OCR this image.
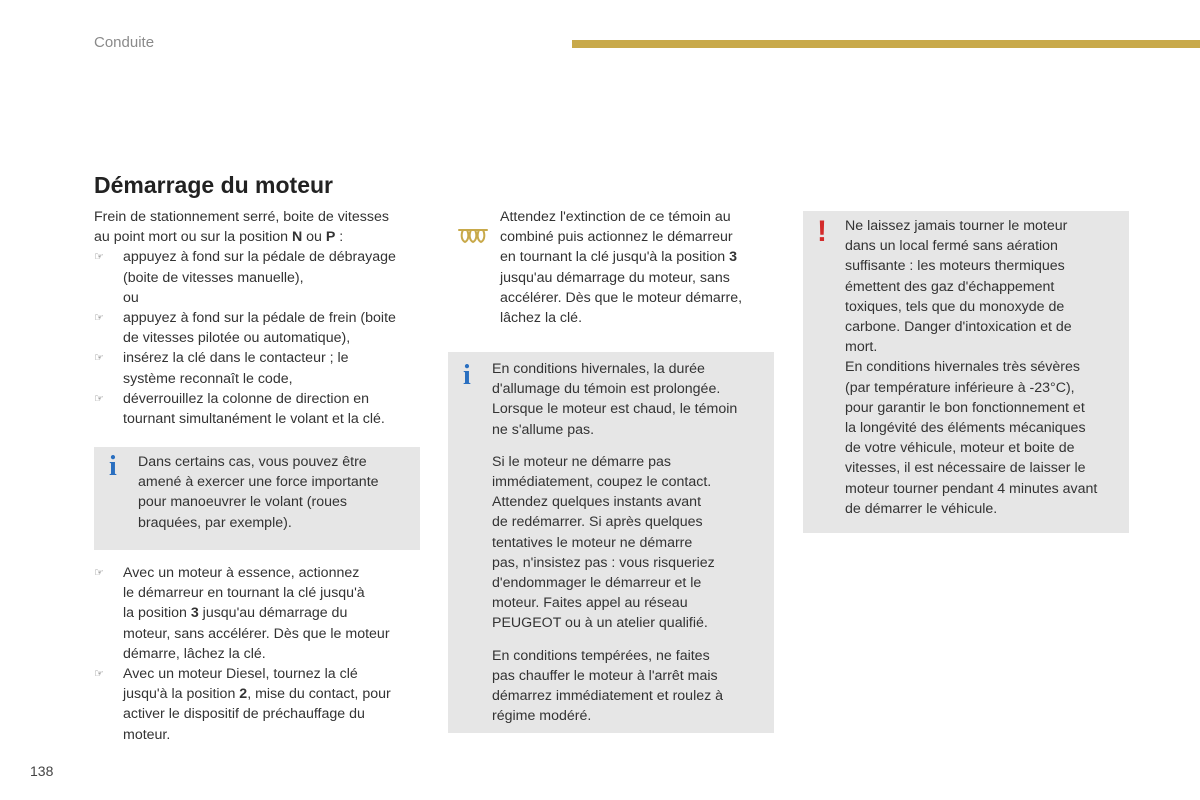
Conduite
Démarrage du moteur
Frein de stationnement serré, boite de vitesses
au point mort ou sur la position N ou P :
☞ appuyez à fond sur la pédale de débrayage
(boite de vitesses manuelle),
ou
☞ appuyez à fond sur la pédale de frein (boite
de vitesses pilotée ou automatique),
☞ insérez la clé dans le contacteur ; le
système reconnaît le code,
☞ déverrouillez la colonne de direction en
tournant simultanément le volant et la clé.
i Dans certains cas, vous pouvez être
amené à exercer une force importante
pour manoeuvrer le volant (roues
braquées, par exemple).
☞ Avec un moteur à essence, actionnez
le démarreur en tournant la clé jusqu'à
la position 3 jusqu'au démarrage du
moteur, sans accélérer. Dès que le moteur
démarre, lâchez la clé.
☞ Avec un moteur Diesel, tournez la clé
jusqu'à la position 2, mise du contact, pour
activer le dispositif de préchauffage du
moteur.
Attendez l'extinction de ce témoin au
combiné puis actionnez le démarreur
en tournant la clé jusqu'à la position 3
jusqu'au démarrage du moteur, sans
accélérer. Dès que le moteur démarre,
lâchez la clé.
i En conditions hivernales, la durée
d'allumage du témoin est prolongée.
Lorsque le moteur est chaud, le témoin
ne s'allume pas.
Si le moteur ne démarre pas
immédiatement, coupez le contact.
Attendez quelques instants avant
de redémarrer. Si après quelques
tentatives le moteur ne démarre
pas, n'insistez pas : vous risqueriez
d'endommager le démarreur et le
moteur. Faites appel au réseau
PEUGEOT ou à un atelier qualifié.
En conditions tempérées, ne faites
pas chauffer le moteur à l'arrêt mais
démarrez immédiatement et roulez à
régime modéré.
! Ne laissez jamais tourner le moteur
dans un local fermé sans aération
suffisante : les moteurs thermiques
émettent des gaz d'échappement
toxiques, tels que du monoxyde de
carbone. Danger d'intoxication et de
mort.
En conditions hivernales très sévères
(par température inférieure à -23°C),
pour garantir le bon fonctionnement et
la longévité des éléments mécaniques
de votre véhicule, moteur et boite de
vitesses, il est nécessaire de laisser le
moteur tourner pendant 4 minutes avant
de démarrer le véhicule.
138
